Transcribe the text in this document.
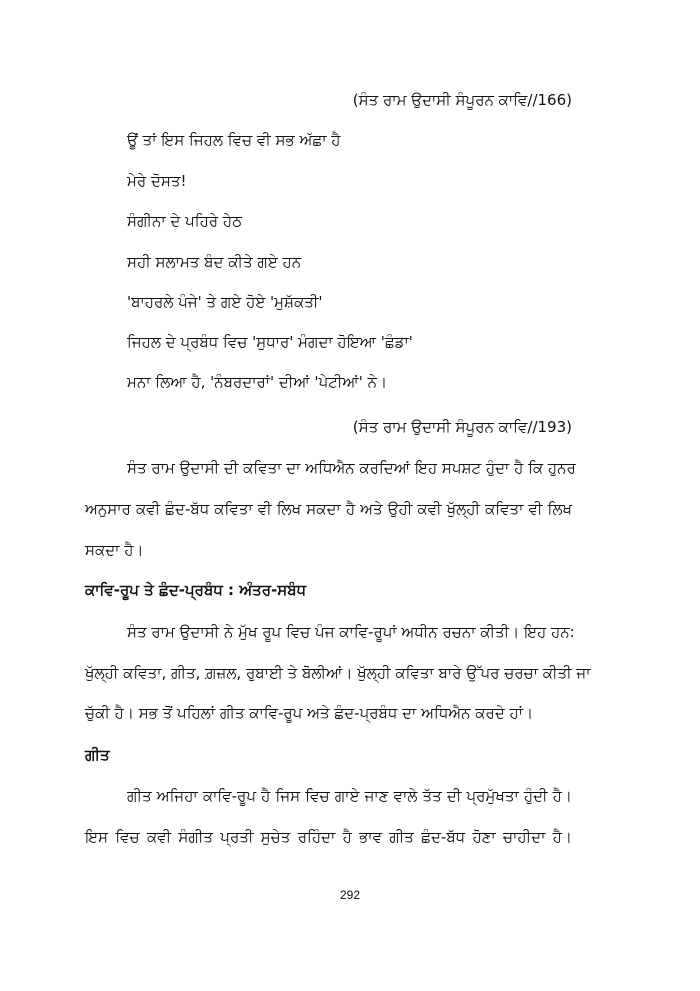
(ਸੰਤ ਰਾਮ ਉਦਾਸੀ ਸੰਪੂਰਨ ਕਾਵਿ//166)
ਊਂ ਤਾਂ ਇਸ ਜਿਹਲ ਵਿਚ ਵੀ ਸਭ ਅੱਛਾ ਹੈ
ਮੇਰੇ ਦੋਸਤ!
ਸੰਗੀਨਾ ਦੇ ਪਹਿਰੇ ਹੇਠ
ਸਹੀ ਸਲਾਮਤ ਬੰਦ ਕੀਤੇ ਗਏ ਹਨ
'ਬਾਹਰਲੇ ਪੰਜੇ' ਤੇ ਗਏ ਹੋਏ 'ਮੁਸ਼ੱਕਤੀ'
ਜਿਹਲ ਦੇ ਪ੍ਰਬੰਧ ਵਿਚ 'ਸੁਧਾਰ' ਮੰਗਦਾ ਹੋਇਆ 'ਛੰਡਾ'
ਮਨਾ ਲਿਆ ਹੈ, 'ਨੰਬਰਦਾਰਾਂ' ਦੀਆਂ 'ਪੇਟੀਆਂ' ਨੇ।
(ਸੰਤ ਰਾਮ ਉਦਾਸੀ ਸੰਪੂਰਨ ਕਾਵਿ//193)
ਸੰਤ ਰਾਮ ਉਦਾਸੀ ਦੀ ਕਵਿਤਾ ਦਾ ਅਧਿਐਨ ਕਰਦਿਆਂ ਇਹ ਸਪਸ਼ਟ ਹੁੰਦਾ ਹੈ ਕਿ ਹੁਨਰ
ਅਨੁਸਾਰ ਕਵੀ ਛੰਦ-ਬੱਧ ਕਵਿਤਾ ਵੀ ਲਿਖ ਸਕਦਾ ਹੈ ਅਤੇ ਉਹੀ ਕਵੀ ਖੁੱਲ੍ਹੀ ਕਵਿਤਾ ਵੀ ਲਿਖ
ਸਕਦਾ ਹੈ।
ਕਾਵਿ-ਰੂਪ ਤੇ ਛੰਦ-ਪ੍ਰਬੰਧ : ਅੰਤਰ-ਸਬੰਧ
ਸੰਤ ਰਾਮ ਉਦਾਸੀ ਨੇ ਮੁੱਖ ਰੂਪ ਵਿਚ ਪੰਜ ਕਾਵਿ-ਰੂਪਾਂ ਅਧੀਨ ਰਚਨਾ ਕੀਤੀ। ਇਹ ਹਨ:
ਖੁੱਲ੍ਹੀ ਕਵਿਤਾ, ਗੀਤ, ਗ਼ਜ਼ਲ, ਰੁਬਾਈ ਤੇ ਬੋਲੀਆਂ। ਖੁੱਲ੍ਹੀ ਕਵਿਤਾ ਬਾਰੇ ਉੱਪਰ ਚਰਚਾ ਕੀਤੀ ਜਾ
ਚੁੱਕੀ ਹੈ। ਸਭ ਤੋਂ ਪਹਿਲਾਂ ਗੀਤ ਕਾਵਿ-ਰੂਪ ਅਤੇ ਛੰਦ-ਪ੍ਰਬੰਧ ਦਾ ਅਧਿਐਨ ਕਰਦੇ ਹਾਂ।
ਗੀਤ
ਗੀਤ ਅਜਿਹਾ ਕਾਵਿ-ਰੂਪ ਹੈ ਜਿਸ ਵਿਚ ਗਾਏ ਜਾਣ ਵਾਲੇ ਤੱਤ ਦੀ ਪ੍ਰਮੁੱਖਤਾ ਹੁੰਦੀ ਹੈ।
ਇਸ ਵਿਚ ਕਵੀ ਸੰਗੀਤ ਪ੍ਰਤੀ ਸੁਚੇਤ ਰਹਿੰਦਾ ਹੈ ਭਾਵ ਗੀਤ ਛੰਦ-ਬੱਧ ਹੋਣਾ ਚਾਹੀਦਾ ਹੈ।
292
